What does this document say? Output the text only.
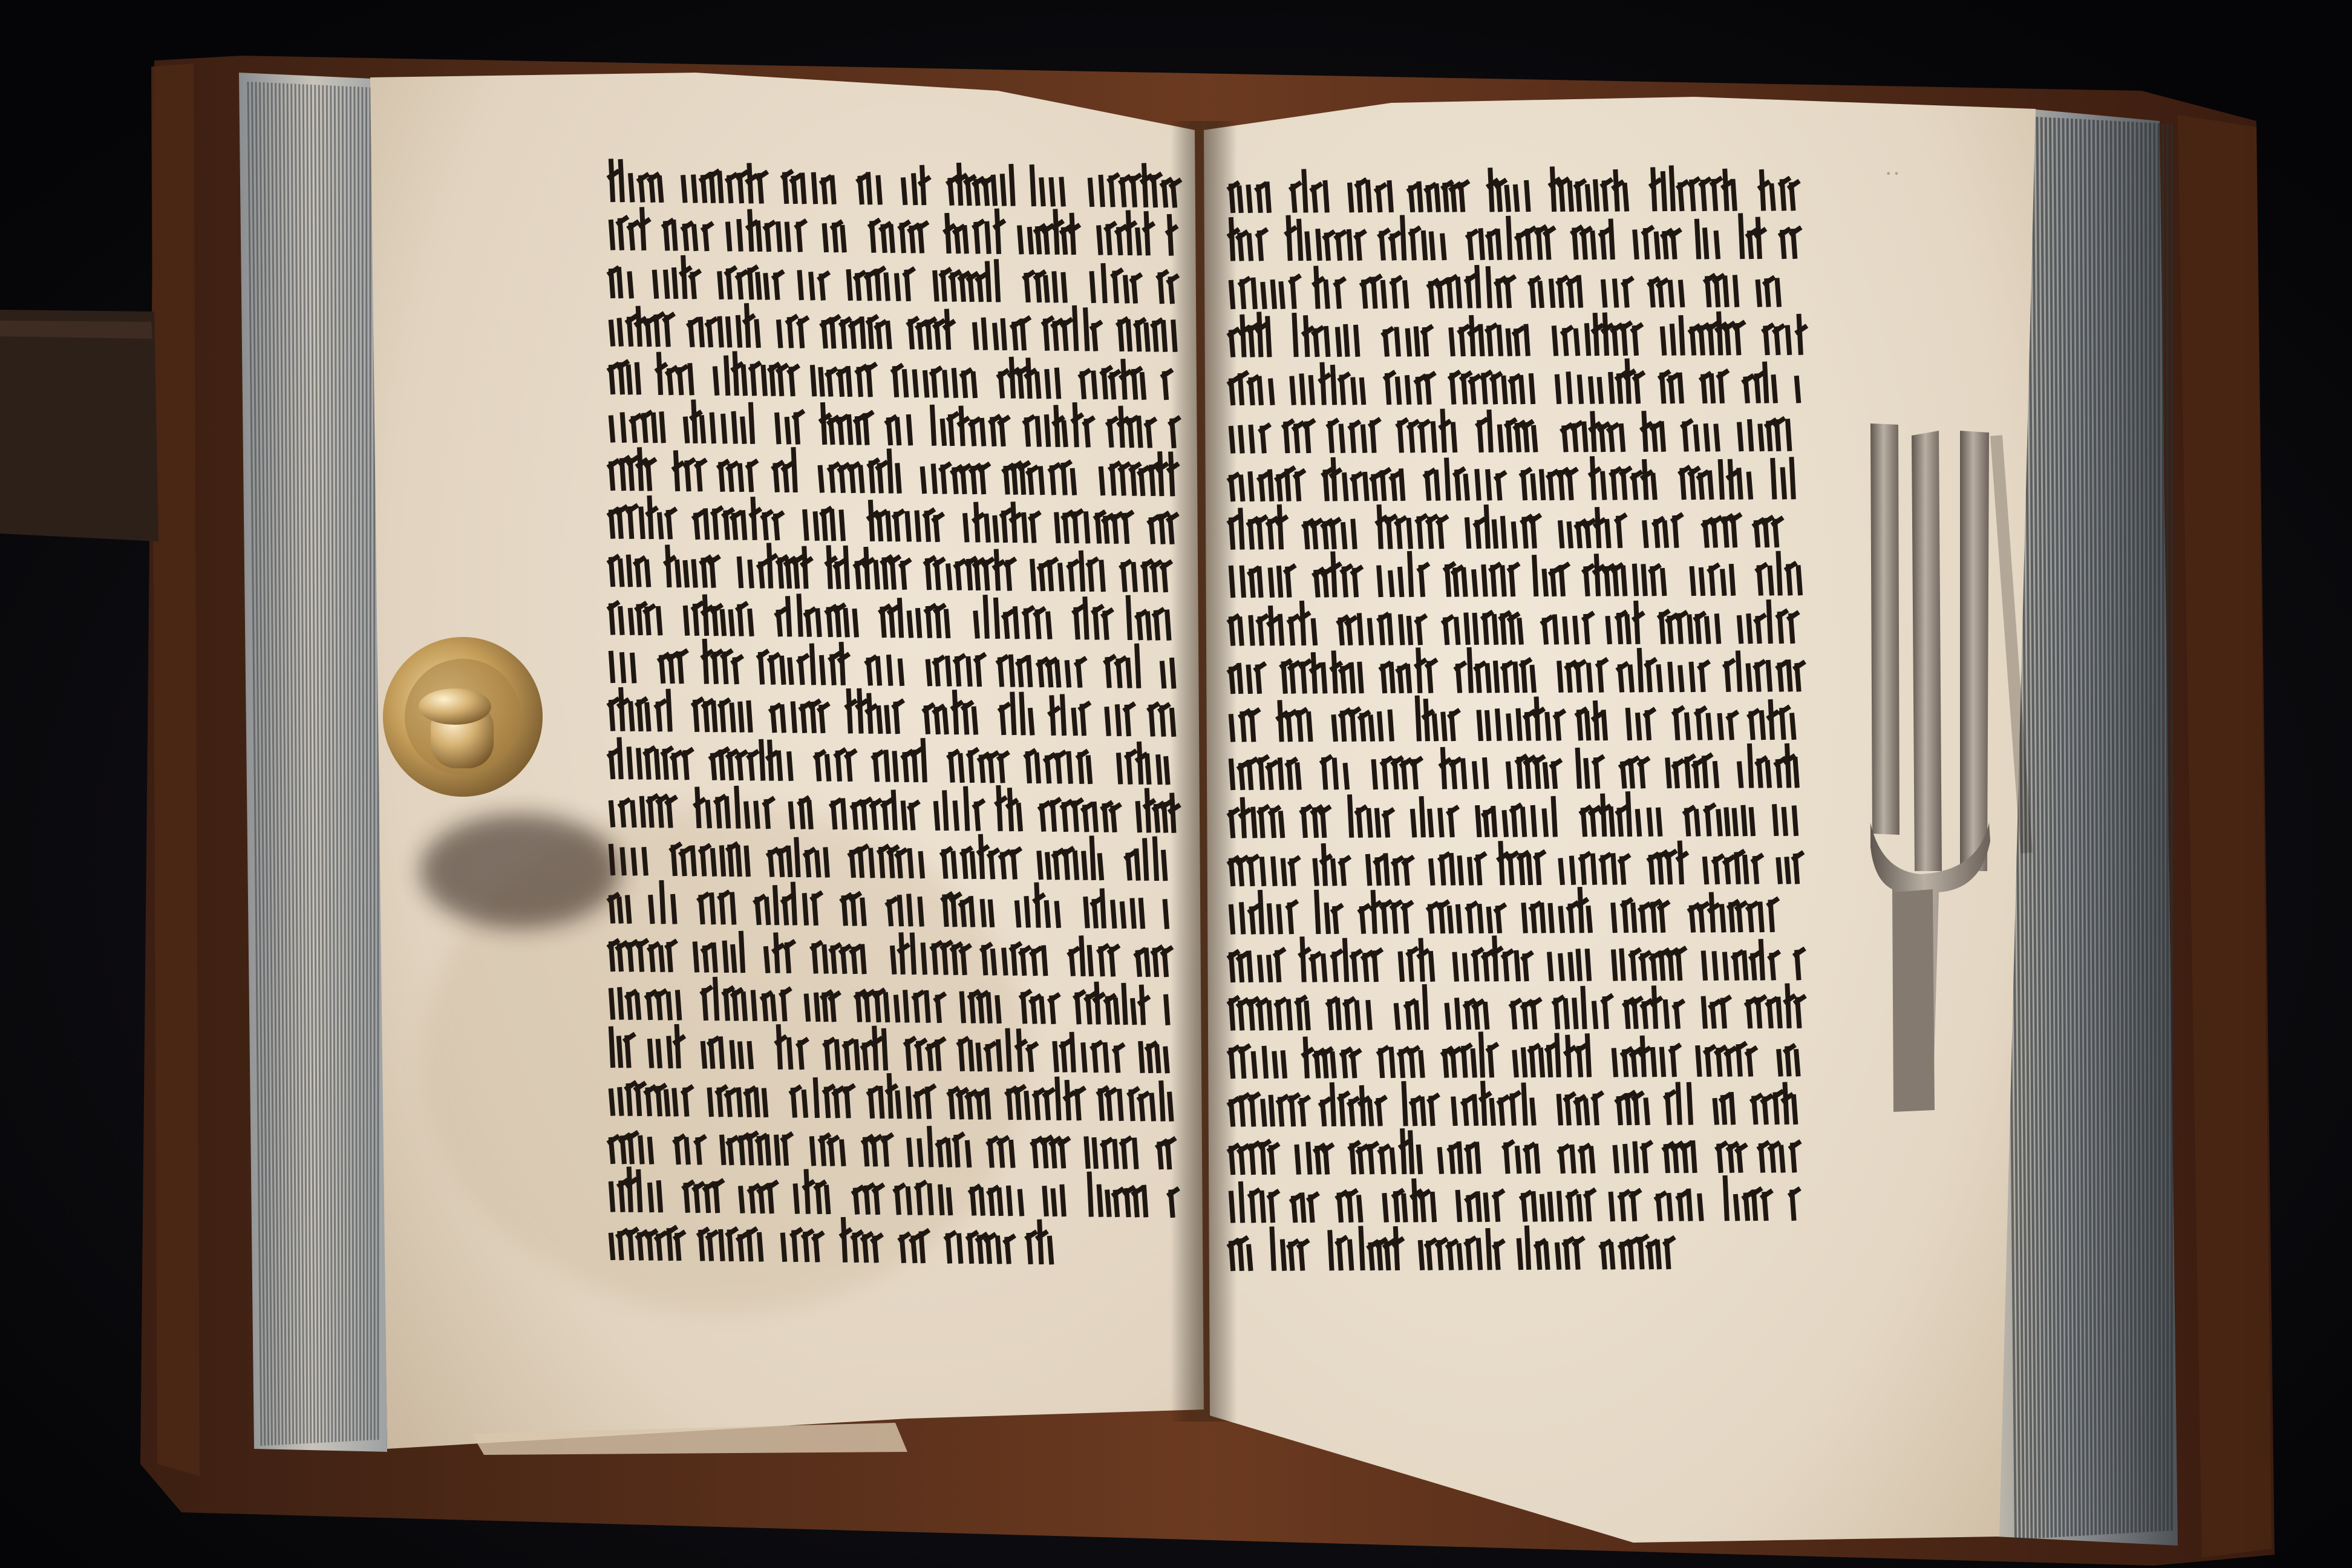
··
